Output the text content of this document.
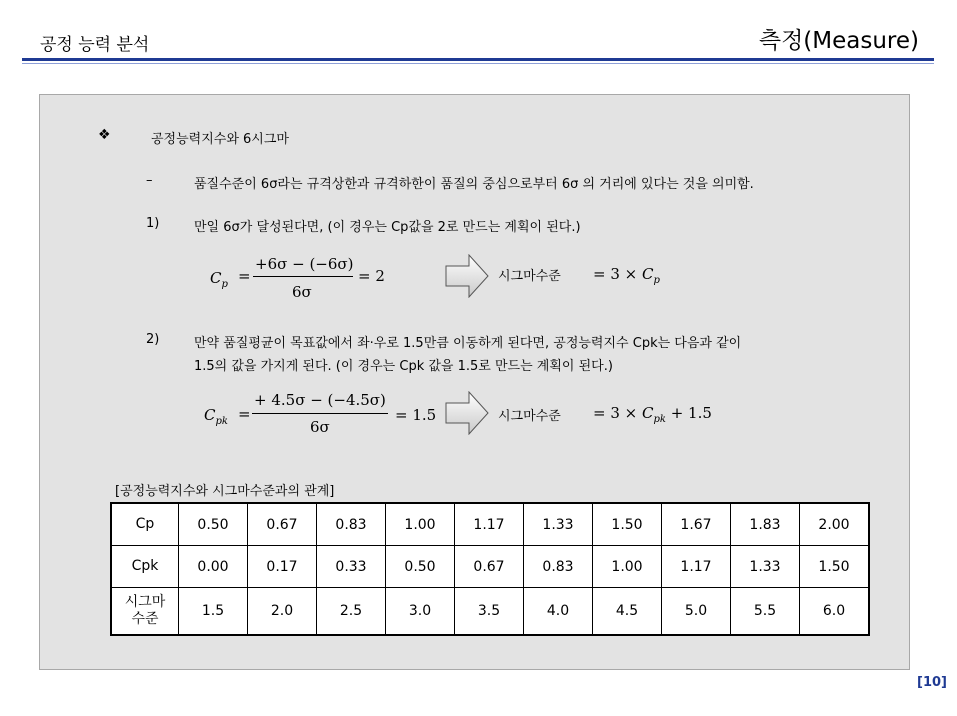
공정 능력 분석	측정(Measure)
❖	공정능력지수와 6시그마
–	품질수준이 6σ라는 규격상한과 규격하한이 품질의 중심으로부터 6σ 의 거리에 있다는 것을 의미함.
1)	만일 6σ가 달성된다면, (이 경우는 Cp값을 2로 만드는 계획이 된다.)
$C_p$ =
+6σ − (−6σ)
6σ
= 2	시그마수준 = $3 \times C_p$
2)	만약 품질평균이 목표값에서 좌·우로 1.5만큼 이동하게 된다면, 공정능력지수 Cpk는 다음과 같이
1.5의 값을 가지게 된다. (이 경우는 Cpk 값을 1.5로 만드는 계획이 된다.)
$C_{pk}$ =
+ 4.5σ − (−4.5σ)
6σ
= 1.5	시그마수준 = $3 \times C_{pk} + 1.5$
[공정능력지수와 시그마수준과의 관계]
Cp	0.50	0.67	0.83	1.00	1.17	1.33	1.50	1.67	1.83	2.00
Cpk	0.00	0.17	0.33	0.50	0.67	0.83	1.00	1.17	1.33	1.50
시그마
수준	1.5	2.0	2.5	3.0	3.5	4.0	4.5	5.0	5.5	6.0
[10]
